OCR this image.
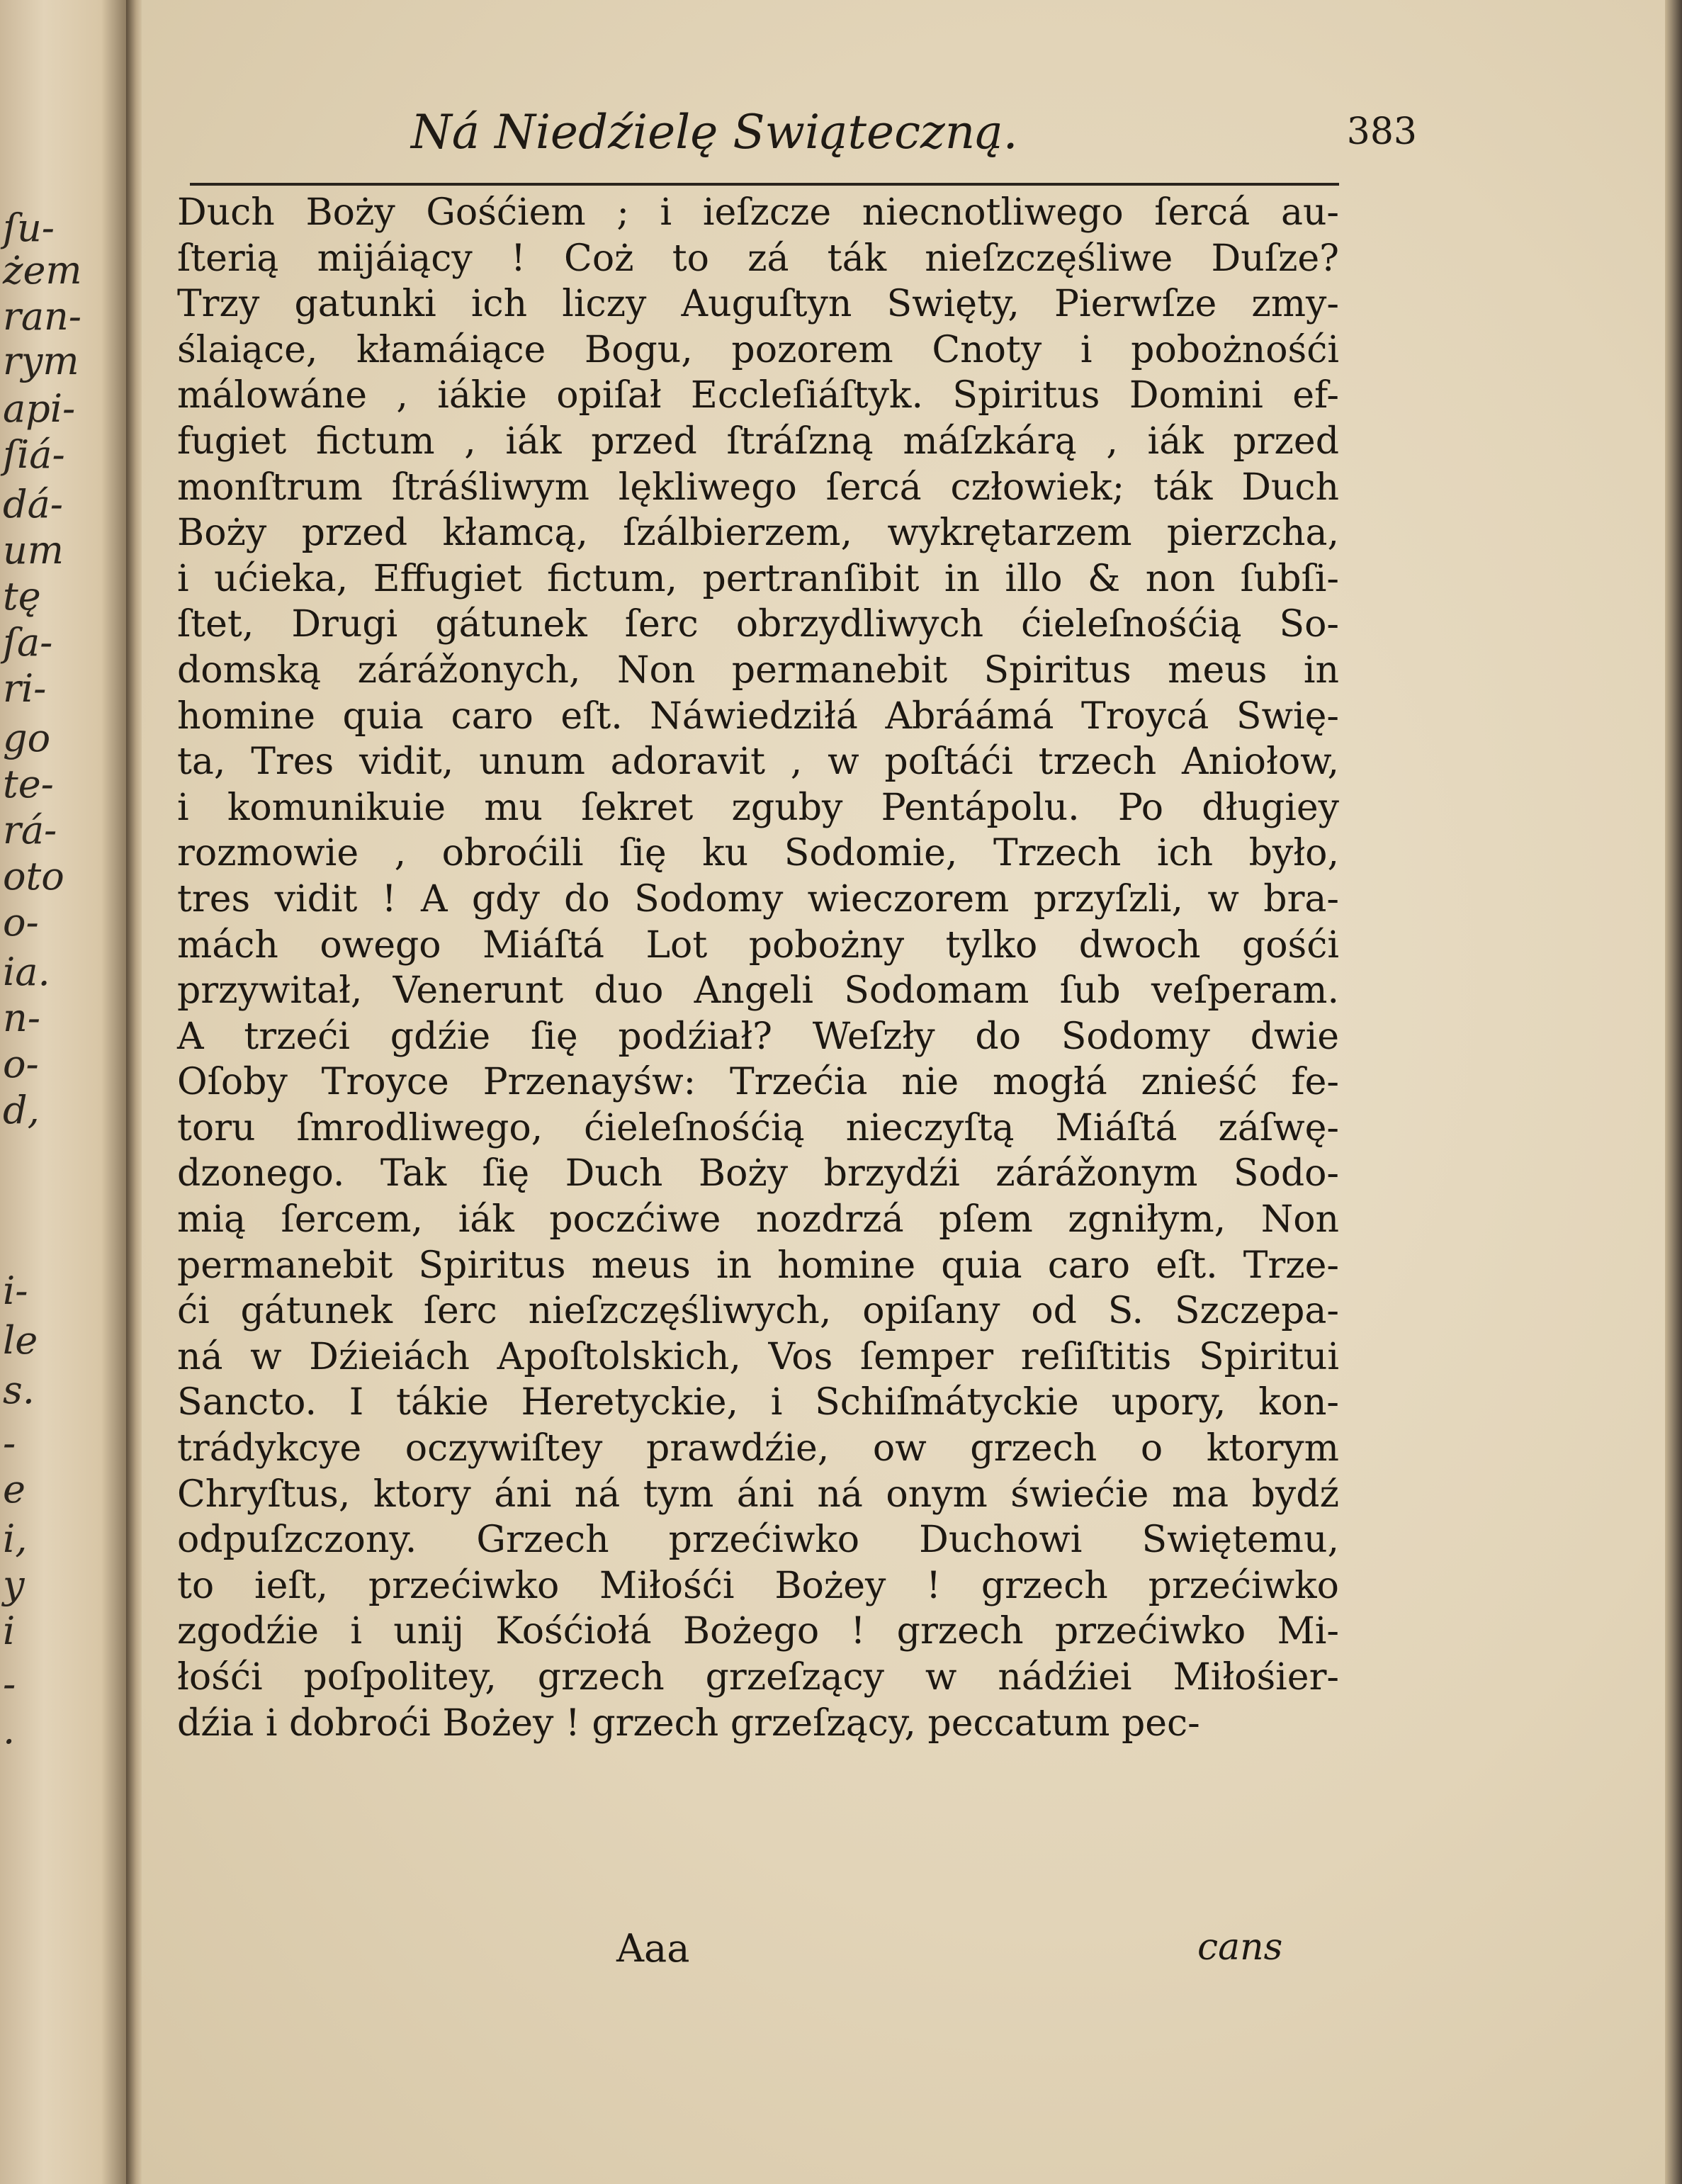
ſu-
żem
ran-
rym
api-
ſiá-
dá-
um
tę
ſa-
ri-
go
te-
rá-
oto
o-
ia.
n-
o-
d,
i-
le
s.
-
e
i,
y
i
-
.
Ná Niedźielę Swiąteczną.	383
Duch Boży Gośćiem ; i ieſzcze niecnotliwego ſercá au-
ſterią mijáiący ! Coż to zá ták nieſzczęśliwe Duſze?
Trzy gatunki ich liczy Auguſtyn Swięty, Pierwſze zmy-
ślaiące, kłamáiące Bogu, pozorem Cnoty i pobożnośći
málowáne , iákie opiſał Eccleſiáſtyk. Spiritus Domini ef-
fugiet fictum , iák przed ſtráſzną máſzkárą , iák przed
monſtrum ſtráśliwym lękliwego ſercá człowiek; ták Duch
Boży przed kłamcą, ſzálbierzem, wykrętarzem pierzcha,
i ućieka, Effugiet fictum, pertranſibit in illo & non ſubſi-
ſtet, Drugi gátunek ſerc obrzydliwych ćieleſnośćią So-
domską zárážonych, Non permanebit Spiritus meus in
homine quia caro eſt. Náwiedziłá Abráámá Troycá Swię-
ta, Tres vidit, unum adoravit , w poſtáći trzech Aniołow,
i komunikuie mu ſekret zguby Pentápolu. Po długiey
rozmowie , obroćili ſię ku Sodomie, Trzech ich było,
tres vidit ! A gdy do Sodomy wieczorem przyſzli, w bra-
mách owego Miáſtá Lot pobożny tylko dwoch gośći
przywitał, Venerunt duo Angeli Sodomam ſub veſperam.
A trzeći gdźie ſię podźiał? Weſzły do Sodomy dwie
Oſoby Troyce Przenayśw: Trzećia nie mogłá znieść fe-
toru ſmrodliwego, ćieleſnośćią nieczyſtą Miáſtá záſwę-
dzonego. Tak ſię Duch Boży brzydźi zárážonym Sodo-
mią ſercem, iák poczćiwe nozdrzá pſem zgniłym, Non
permanebit Spiritus meus in homine quia caro eſt. Trze-
ći gátunek ſerc nieſzczęśliwych, opiſany od S. Szczepa-
ná w Dźieiách Apoſtolskich, Vos ſemper reſiſtitis Spiritui
Sancto. I tákie Heretyckie, i Schiſmátyckie upory, kon-
trádykcye oczywiſtey prawdźie, ow grzech o ktorym
Chryſtus, ktory áni ná tym áni ná onym świećie ma bydź
odpuſzczony. Grzech przećiwko Duchowi Swiętemu,
to ieſt, przećiwko Miłośći Bożey ! grzech przećiwko
zgodźie i unij Kośćiołá Bożego ! grzech przećiwko Mi-
łośći poſpolitey, grzech grzeſzący w nádźiei Miłośier-
dźia i dobroći Bożey ! grzech grzeſzący, peccatum pec-
Aaa	cans
